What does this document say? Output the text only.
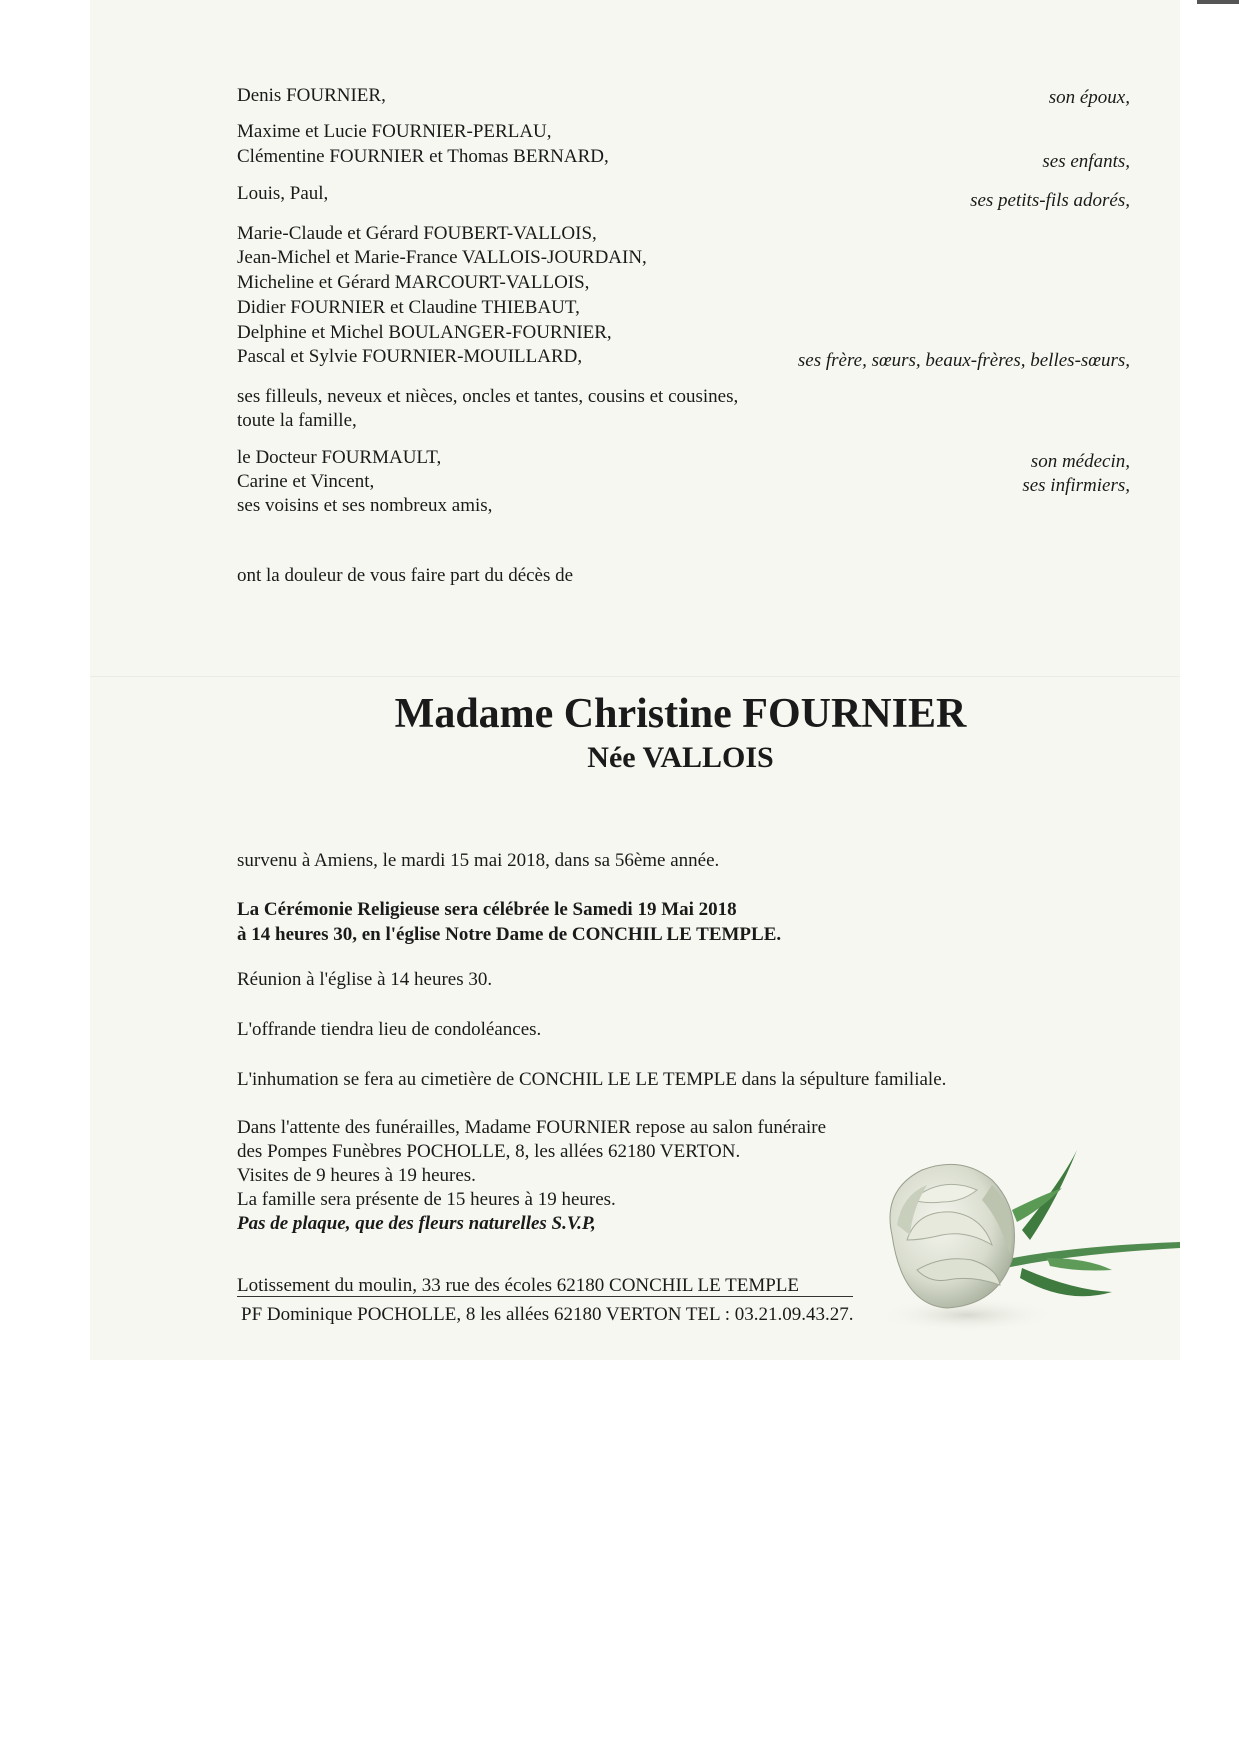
Denis FOURNIER,
Maxime et Lucie FOURNIER-PERLAU,
Clémentine FOURNIER et Thomas BERNARD,
Louis, Paul,
Marie-Claude et Gérard FOUBERT-VALLOIS,
Jean-Michel et Marie-France VALLOIS-JOURDAIN,
Micheline et Gérard MARCOURT-VALLOIS,
Didier FOURNIER et Claudine THIEBAUT,
Delphine et Michel BOULANGER-FOURNIER,
Pascal et Sylvie FOURNIER-MOUILLARD,
ses filleuls, neveux et nièces, oncles et tantes, cousins et cousines,
toute la famille,
le Docteur FOURMAULT,
Carine et Vincent,
ses voisins et ses nombreux amis,
son époux,
ses enfants,
ses petits-fils adorés,
ses frère, sœurs, beaux-frères, belles-sœurs,
son médecin,
ses infirmiers,
ont la douleur de vous faire part du décès de
Madame Christine FOURNIER
Née VALLOIS
survenu à Amiens, le mardi 15 mai 2018, dans sa 56ème année.
La Cérémonie Religieuse sera célébrée le Samedi 19 Mai 2018
à 14 heures 30, en l'église Notre Dame de CONCHIL LE TEMPLE.
Réunion à l'église à 14 heures 30.
L'offrande tiendra lieu de condoléances.
L'inhumation se fera au cimetière de CONCHIL LE LE TEMPLE dans la sépulture familiale.
Dans l'attente des funérailles, Madame FOURNIER repose au salon funéraire
des Pompes Funèbres POCHOLLE, 8, les allées 62180 VERTON.
Visites de 9 heures à 19 heures.
La famille sera présente de 15 heures à 19 heures.
Pas de plaque, que des fleurs naturelles S.V.P,
Lotissement du moulin, 33 rue des écoles 62180 CONCHIL LE TEMPLE
PF Dominique POCHOLLE, 8 les allées 62180 VERTON TEL : 03.21.09.43.27.
